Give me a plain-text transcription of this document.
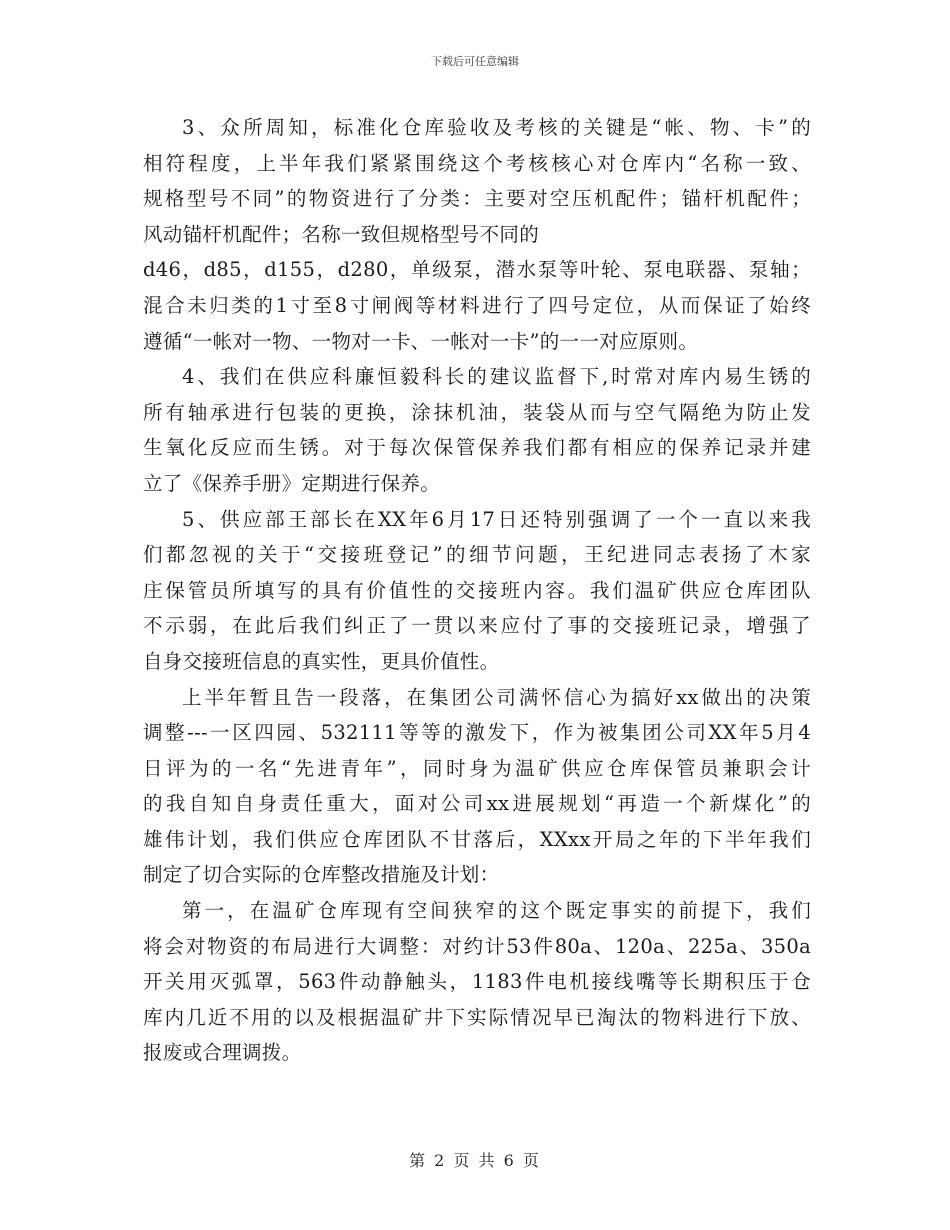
下载后可任意编辑

3、众所周知，标准化仓库验收及考核的关键是“帐、物、卡”的
相符程度，上半年我们紧紧围绕这个考核核心对仓库内“名称一致、
规格型号不同”的物资进行了分类：主要对空压机配件；锚杆机配件；
风动锚杆机配件；名称一致但规格型号不同的
d46，d85，d155，d280，单级泵，潜水泵等叶轮、泵电联器、泵轴；
混合未归类的1寸至8寸闸阀等材料进行了四号定位，从而保证了始终
遵循“一帐对一物、一物对一卡、一帐对一卡”的一一对应原则。

4、我们在供应科廉恒毅科长的建议监督下,时常对库内易生锈的
所有轴承进行包装的更换，涂抹机油，装袋从而与空气隔绝为防止发
生氧化反应而生锈。对于每次保管保养我们都有相应的保养记录并建
立了《保养手册》定期进行保养。

5、供应部王部长在XX年6月17日还特别强调了一个一直以来我
们都忽视的关于“交接班登记”的细节问题，王纪进同志表扬了木家
庄保管员所填写的具有价值性的交接班内容。我们温矿供应仓库团队
不示弱，在此后我们纠正了一贯以来应付了事的交接班记录，增强了
自身交接班信息的真实性，更具价值性。

上半年暂且告一段落，在集团公司满怀信心为搞好xx做出的决策
调整---一区四园、532111等等的激发下，作为被集团公司XX年5月4
日评为的一名“先进青年”，同时身为温矿供应仓库保管员兼职会计
的我自知自身责任重大，面对公司xx进展规划“再造一个新煤化”的
雄伟计划，我们供应仓库团队不甘落后，XXxx开局之年的下半年我们
制定了切合实际的仓库整改措施及计划：

第一，在温矿仓库现有空间狭窄的这个既定事实的前提下，我们
将会对物资的布局进行大调整：对约计53件80a、120a、225a、350a
开关用灭弧罩，563件动静触头，1183件电机接线嘴等长期积压于仓
库内几近不用的以及根据温矿井下实际情况早已淘汰的物料进行下放、
报废或合理调拨。

第 2 页 共 6 页
